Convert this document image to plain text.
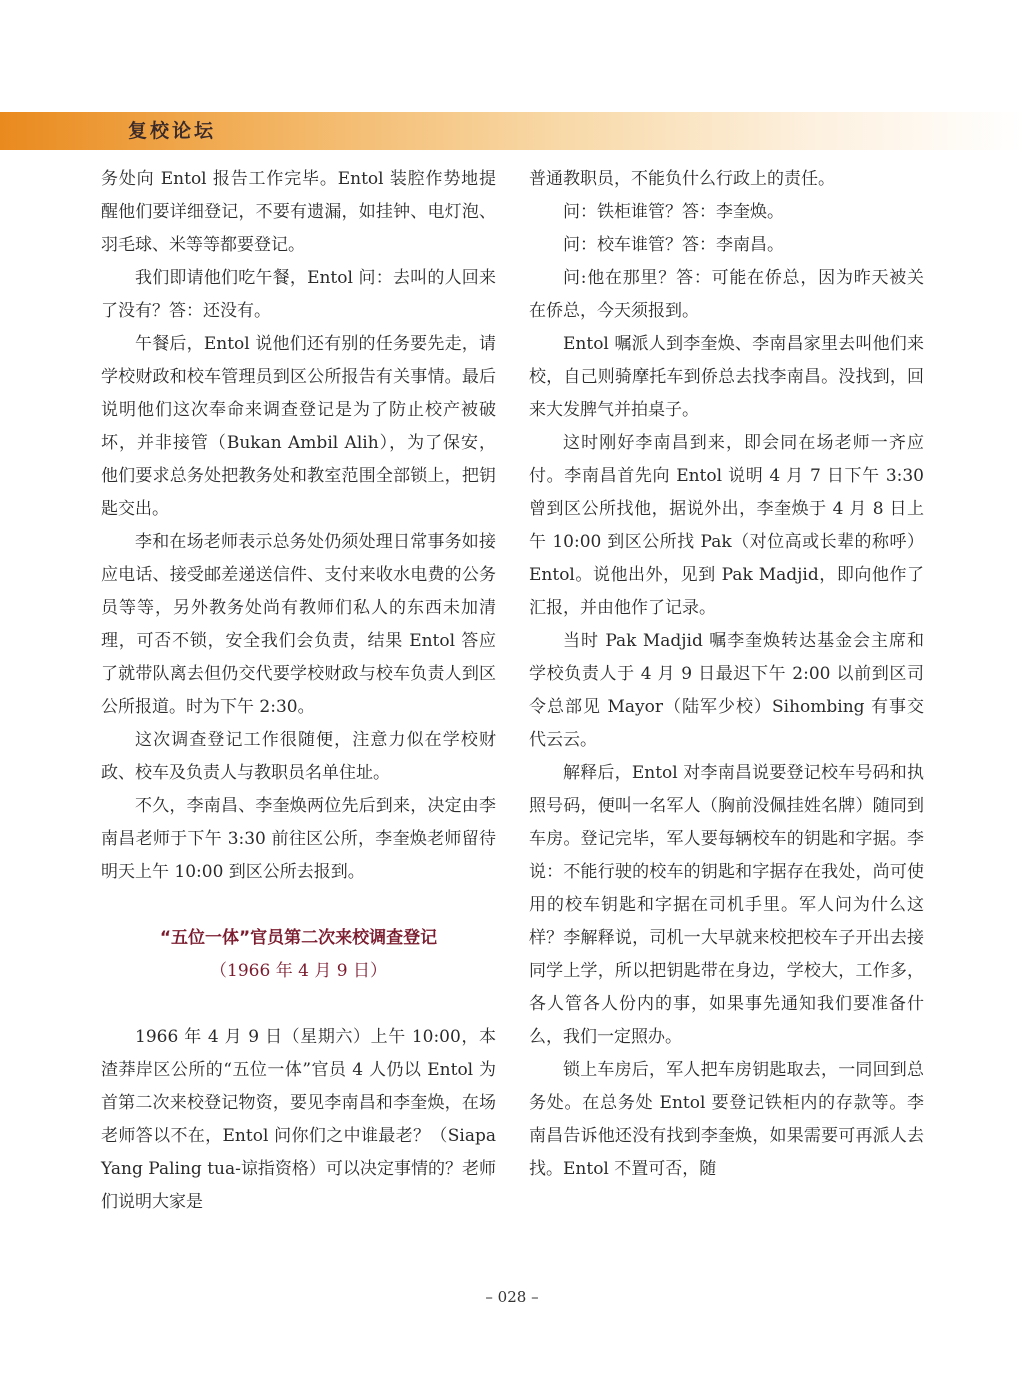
复校论坛

务处向 Entol 报告工作完毕。Entol 装腔作势地提醒他们要详细登记，不要有遗漏，如挂钟、电灯泡、羽毛球、米等等都要登记。

我们即请他们吃午餐，Entol 问：去叫的人回来了没有？答：还没有。

午餐后，Entol 说他们还有别的任务要先走，请学校财政和校车管理员到区公所报告有关事情。最后说明他们这次奉命来调查登记是为了防止校产被破坏，并非接管（Bukan Ambil Alih），为了保安，他们要求总务处把教务处和教室范围全部锁上，把钥匙交出。

李和在场老师表示总务处仍须处理日常事务如接应电话、接受邮差递送信件、支付来收水电费的公务员等等，另外教务处尚有教师们私人的东西未加清理，可否不锁，安全我们会负责，结果 Entol 答应了就带队离去但仍交代要学校财政与校车负责人到区公所报道。时为下午 2:30。

这次调查登记工作很随便，注意力似在学校财政、校车及负责人与教职员名单住址。

不久，李南昌、李奎焕两位先后到来，决定由李南昌老师于下午 3:30 前往区公所，李奎焕老师留待明天上午 10:00 到区公所去报到。

“五位一体”官员第二次来校调查登记

（1966 年 4 月 9 日）

1966 年 4 月 9 日（星期六）上午 10:00，本渣莽岸区公所的“五位一体”官员 4 人仍以 Entol 为首第二次来校登记物资，要见李南昌和李奎焕，在场老师答以不在，Entol 问你们之中谁最老？（Siapa Yang Paling tua-谅指资格）可以决定事情的？老师们说明大家是

普通教职员，不能负什么行政上的责任。

问：铁柜谁管？答：李奎焕。

问：校车谁管？答：李南昌。

问:他在那里？答：可能在侨总，因为昨天被关在侨总，今天须报到。

Entol 嘱派人到李奎焕、李南昌家里去叫他们来校，自己则骑摩托车到侨总去找李南昌。没找到，回来大发脾气并拍桌子。

这时刚好李南昌到来，即会同在场老师一齐应付。李南昌首先向 Entol 说明 4 月 7 日下午 3:30 曾到区公所找他，据说外出，李奎焕于 4 月 8 日上午 10:00 到区公所找 Pak（对位高或长辈的称呼）Entol。说他出外，见到 Pak Madjid，即向他作了汇报，并由他作了记录。

当时 Pak Madjid 嘱李奎焕转达基金会主席和学校负责人于 4 月 9 日最迟下午 2:00 以前到区司令总部见 Mayor（陆军少校）Sihombing 有事交代云云。

解释后，Entol 对李南昌说要登记校车号码和执照号码，便叫一名军人（胸前没佩挂姓名牌）随同到车房。登记完毕，军人要每辆校车的钥匙和字据。李说：不能行驶的校车的钥匙和字据存在我处，尚可使用的校车钥匙和字据在司机手里。军人问为什么这样？李解释说，司机一大早就来校把校车子开出去接同学上学，所以把钥匙带在身边，学校大，工作多，各人管各人份内的事，如果事先通知我们要准备什么，我们一定照办。

锁上车房后，军人把车房钥匙取去，一同回到总务处。在总务处 Entol 要登记铁柜内的存款等。李南昌告诉他还没有找到李奎焕，如果需要可再派人去找。Entol 不置可否，随

– 028 –
